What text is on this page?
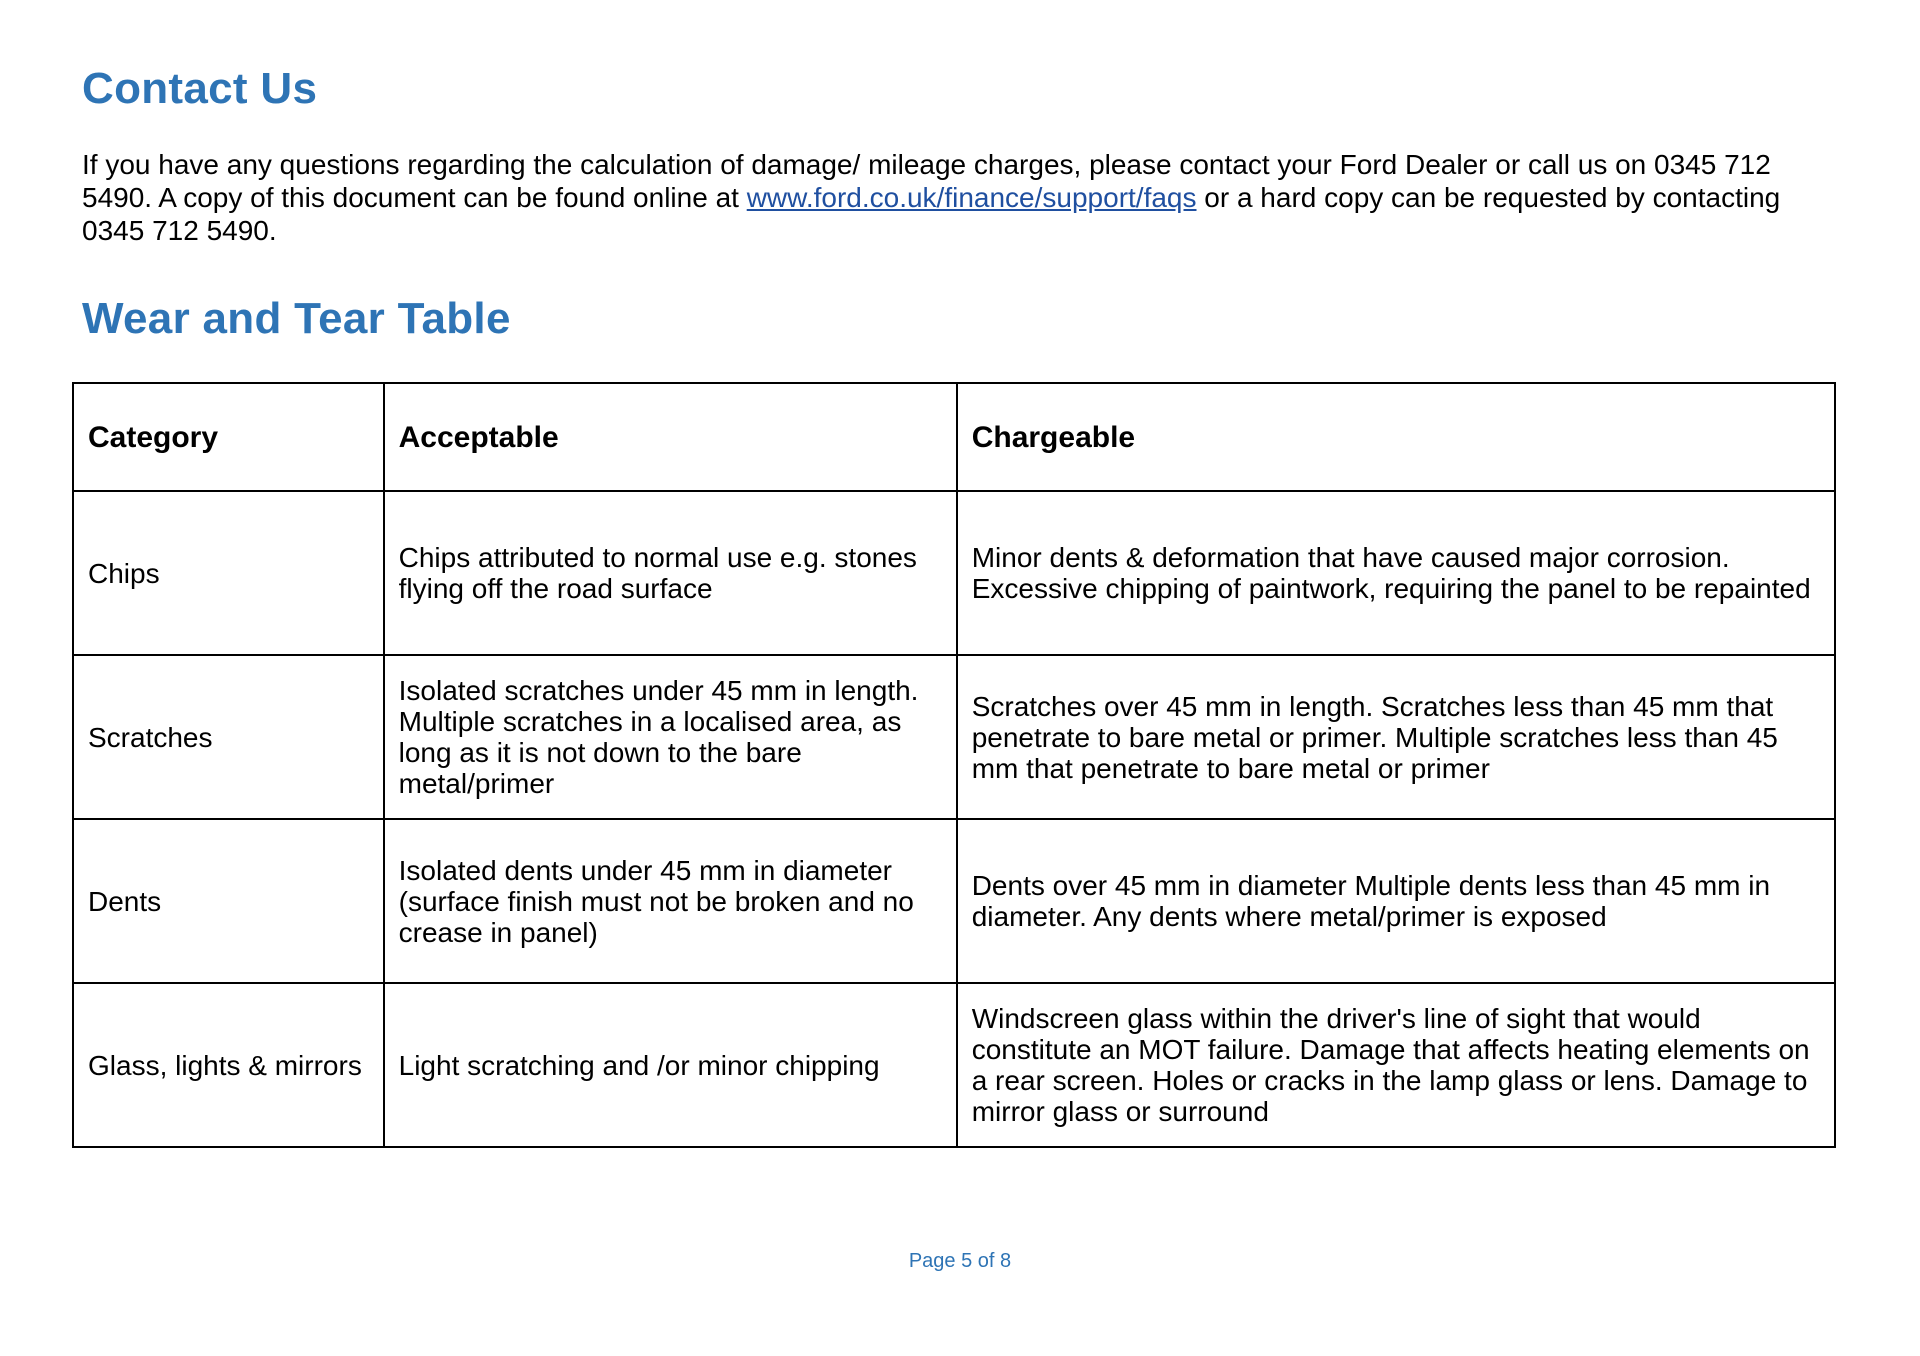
Contact Us

If you have any questions regarding the calculation of damage/ mileage charges, please contact your Ford Dealer or call us on 0345 712 5490. A copy of this document can be found online at www.ford.co.uk/finance/support/faqs or a hard copy can be requested by contacting 0345 712 5490.

Wear and Tear Table
Category	Acceptable	Chargeable
Chips	Chips attributed to normal use e.g. stones flying off the road surface	Minor dents & deformation that have caused major corrosion. Excessive chipping of paintwork, requiring the panel to be repainted
Scratches	Isolated scratches under 45 mm in length. Multiple scratches in a localised area, as long as it is not down to the bare metal/primer	Scratches over 45 mm in length. Scratches less than 45 mm that penetrate to bare metal or primer. Multiple scratches less than 45 mm that penetrate to bare metal or primer
Dents	Isolated dents under 45 mm in diameter (surface finish must not be broken and no crease in panel)	Dents over 45 mm in diameter Multiple dents less than 45 mm in diameter. Any dents where metal/primer is exposed
Glass, lights & mirrors	Light scratching and /or minor chipping	Windscreen glass within the driver's line of sight that would constitute an MOT failure. Damage that affects heating elements on a rear screen. Holes or cracks in the lamp glass or lens. Damage to mirror glass or surround
Page 5 of 8
